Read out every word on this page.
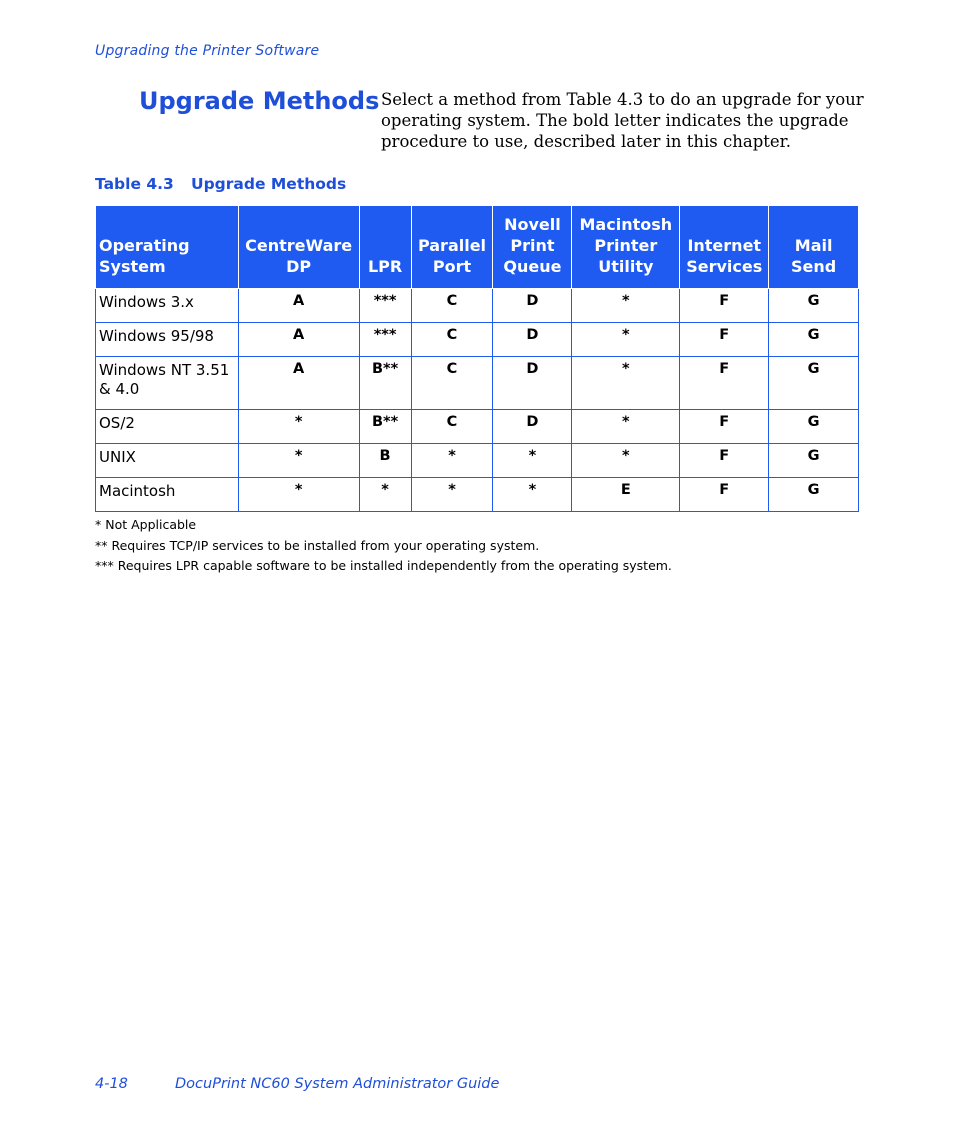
Upgrading the Printer Software
Upgrade Methods Select a method from Table 4.3 to do an upgrade for your operating system. The bold letter indicates the upgrade procedure to use, described later in this chapter.
Table 4.3 Upgrade Methods
Operating System	CentreWare DP	LPR	Parallel Port	Novell Print Queue	Macintosh Printer Utility	Internet Services	Mail Send
Windows 3.x	A	***	C	D	*	F	G
Windows 95/98	A	***	C	D	*	F	G
Windows NT 3.51 & 4.0	A	B**	C	D	*	F	G
OS/2	*	B**	C	D	*	F	G
UNIX	*	B	*	*	*	F	G
Macintosh	*	*	*	*	E	F	G
* Not Applicable
** Requires TCP/IP services to be installed from your operating system.
*** Requires LPR capable software to be installed independently from the operating system.
4-18	DocuPrint NC60 System Administrator Guide
